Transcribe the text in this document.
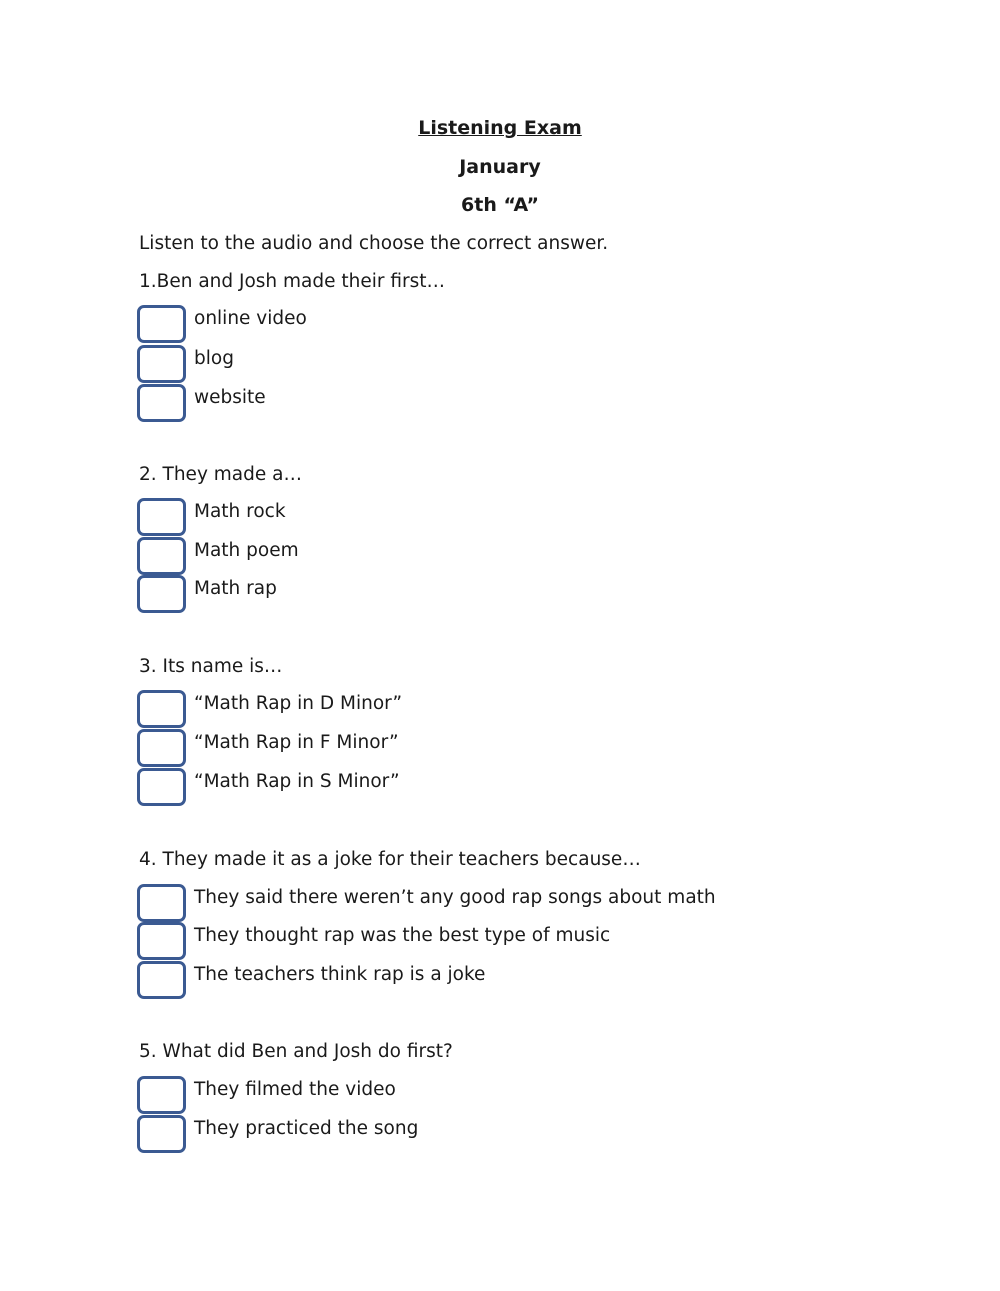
Listening Exam
January
6th “A”
Listen to the audio and choose the correct answer.
1.Ben and Josh made their first…
online video
blog
website
2. They made a…
Math rock
Math poem
Math rap
3. Its name is…
“Math Rap in D Minor”
“Math Rap in F Minor”
“Math Rap in S Minor”
4. They made it as a joke for their teachers because…
They said there weren’t any good rap songs about math
They thought rap was the best type of music
The teachers think rap is a joke
5. What did Ben and Josh do first?
They filmed the video
They practiced the song
